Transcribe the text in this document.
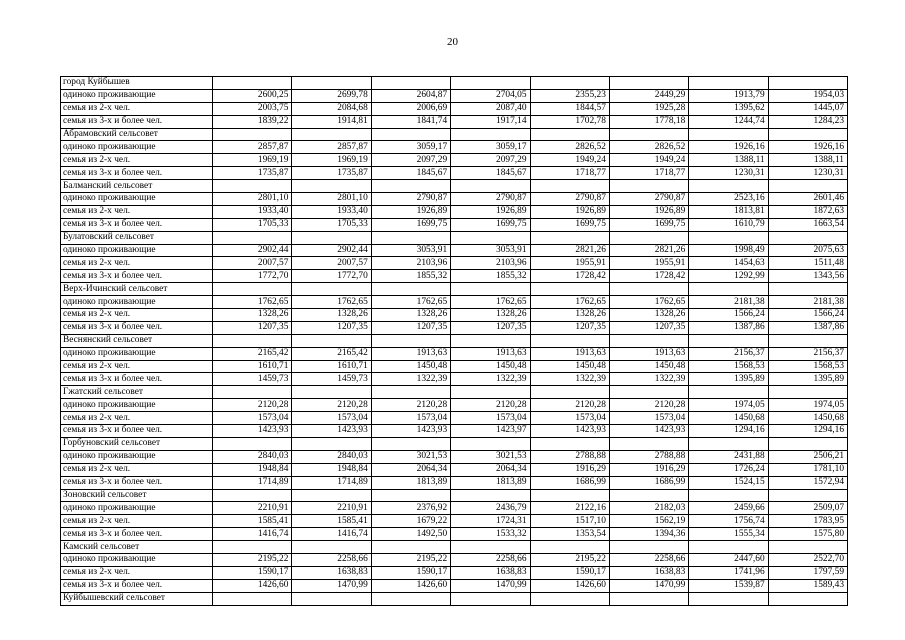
20
город Куйбышев								
одиноко проживающие	2600,25	2699,78	2604,87	2704,05	2355,23	2449,29	1913,79	1954,03
семья из 2-х чел.	2003,75	2084,68	2006,69	2087,40	1844,57	1925,28	1395,62	1445,07
семья из 3-х и более чел.	1839,22	1914,81	1841,74	1917,14	1702,78	1778,18	1244,74	1284,23
Абрамовский сельсовет								
одиноко проживающие	2857,87	2857,87	3059,17	3059,17	2826,52	2826,52	1926,16	1926,16
семья из 2-х чел.	1969,19	1969,19	2097,29	2097,29	1949,24	1949,24	1388,11	1388,11
семья из 3-х и более чел.	1735,87	1735,87	1845,67	1845,67	1718,77	1718,77	1230,31	1230,31
Балманский сельсовет								
одиноко проживающие	2801,10	2801,10	2790,87	2790,87	2790,87	2790,87	2523,16	2601,46
семья из 2-х чел.	1933,40	1933,40	1926,89	1926,89	1926,89	1926,89	1813,81	1872,63
семья из 3-х и более чел.	1705,33	1705,33	1699,75	1699,75	1699,75	1699,75	1610,79	1663,54
Булатовский сельсовет								
одиноко проживающие	2902,44	2902,44	3053,91	3053,91	2821,26	2821,26	1998,49	2075,63
семья из 2-х чел.	2007,57	2007,57	2103,96	2103,96	1955,91	1955,91	1454,63	1511,48
семья из 3-х и более чел.	1772,70	1772,70	1855,32	1855,32	1728,42	1728,42	1292,99	1343,56
Верх-Ичинский сельсовет								
одиноко проживающие	1762,65	1762,65	1762,65	1762,65	1762,65	1762,65	2181,38	2181,38
семья из 2-х чел.	1328,26	1328,26	1328,26	1328,26	1328,26	1328,26	1566,24	1566,24
семья из 3-х и более чел.	1207,35	1207,35	1207,35	1207,35	1207,35	1207,35	1387,86	1387,86
Веснянский сельсовет								
одиноко проживающие	2165,42	2165,42	1913,63	1913,63	1913,63	1913,63	2156,37	2156,37
семья из 2-х чел.	1610,71	1610,71	1450,48	1450,48	1450,48	1450,48	1568,53	1568,53
семья из 3-х и более чел.	1459,73	1459,73	1322,39	1322,39	1322,39	1322,39	1395,89	1395,89
Гжатский сельсовет								
одиноко проживающие	2120,28	2120,28	2120,28	2120,28	2120,28	2120,28	1974,05	1974,05
семья из 2-х чел.	1573,04	1573,04	1573,04	1573,04	1573,04	1573,04	1450,68	1450,68
семья из 3-х и более чел.	1423,93	1423,93	1423,93	1423,97	1423,93	1423,93	1294,16	1294,16
Горбуновский сельсовет								
одиноко проживающие	2840,03	2840,03	3021,53	3021,53	2788,88	2788,88	2431,88	2506,21
семья из 2-х чел.	1948,84	1948,84	2064,34	2064,34	1916,29	1916,29	1726,24	1781,10
семья из 3-х и более чел.	1714,89	1714,89	1813,89	1813,89	1686,99	1686,99	1524,15	1572,94
Зоновский сельсовет								
одиноко проживающие	2210,91	2210,91	2376,92	2436,79	2122,16	2182,03	2459,66	2509,07
семья из 2-х чел.	1585,41	1585,41	1679,22	1724,31	1517,10	1562,19	1756,74	1783,95
семья из 3-х и более чел.	1416,74	1416,74	1492,50	1533,32	1353,54	1394,36	1555,34	1575,80
Камский сельсовет								
одиноко проживающие	2195,22	2258,66	2195,22	2258,66	2195,22	2258,66	2447,60	2522,70
семья из 2-х чел.	1590,17	1638,83	1590,17	1638,83	1590,17	1638,83	1741,96	1797,59
семья из 3-х и более чел.	1426,60	1470,99	1426,60	1470,99	1426,60	1470,99	1539,87	1589,43
Куйбышевский сельсовет								
